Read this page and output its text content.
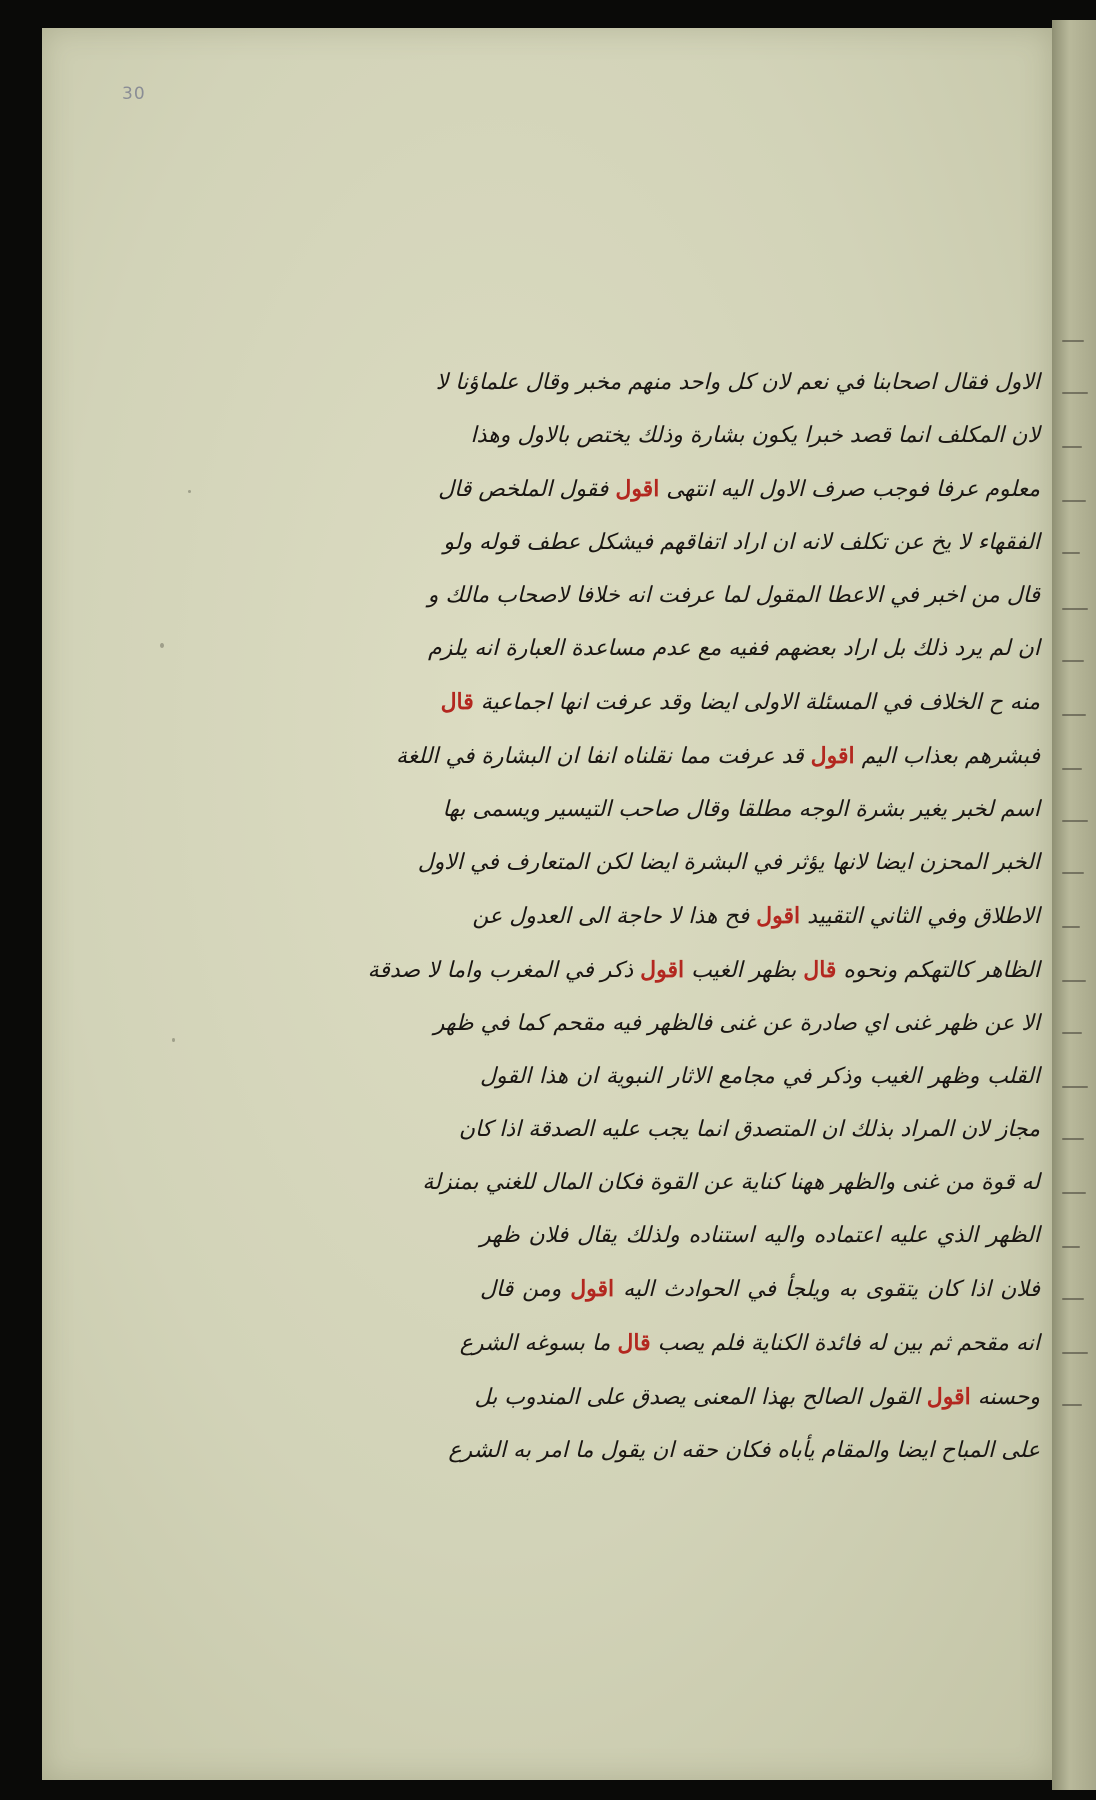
30
الاول فقال اصحابنا في نعم لان كل واحد منهم مخبر وقال علماؤنا لا
لان المكلف انما قصد خبرا يكون بشارة وذلك يختص بالاول وهذا
معلوم عرفا فوجب صرف الاول اليه انتهى اقول فقول الملخص قال
الفقهاء لا يخ عن تكلف لانه ان اراد اتفاقهم فيشكل عطف قوله ولو
قال من اخبر في الاعطا المقول لما عرفت انه خلافا لاصحاب مالك و
ان لم يرد ذلك بل اراد بعضهم ففيه مع عدم مساعدة العبارة انه يلزم
منه ح الخلاف في المسئلة الاولى ايضا وقد عرفت انها اجماعية قال
فبشرهم بعذاب اليم اقول قد عرفت مما نقلناه انفا ان البشارة في اللغة
اسم لخبر يغير بشرة الوجه مطلقا وقال صاحب التيسير ويسمى بها
الخبر المحزن ايضا لانها يؤثر في البشرة ايضا لكن المتعارف في الاول
الاطلاق وفي الثاني التقييد اقول فح هذا لا حاجة الى العدول عن
الظاهر كالتهكم ونحوه قال بظهر الغيب اقول ذكر في المغرب واما لا صدقة
الا عن ظهر غنى اي صادرة عن غنى فالظهر فيه مقحم كما في ظهر
القلب وظهر الغيب وذكر في مجامع الاثار النبوية ان هذا القول
مجاز لان المراد بذلك ان المتصدق انما يجب عليه الصدقة اذا كان
له قوة من غنى والظهر ههنا كناية عن القوة فكان المال للغني بمنزلة
الظهر الذي عليه اعتماده واليه استناده ولذلك يقال فلان ظهر
فلان اذا كان يتقوى به ويلجأ في الحوادث اليه اقول ومن قال
انه مقحم ثم بين له فائدة الكناية فلم يصب قال ما بسوغه الشرع
وحسنه اقول القول الصالح بهذا المعنى يصدق على المندوب بل
على المباح ايضا والمقام يأباه فكان حقه ان يقول ما امر به الشرع
